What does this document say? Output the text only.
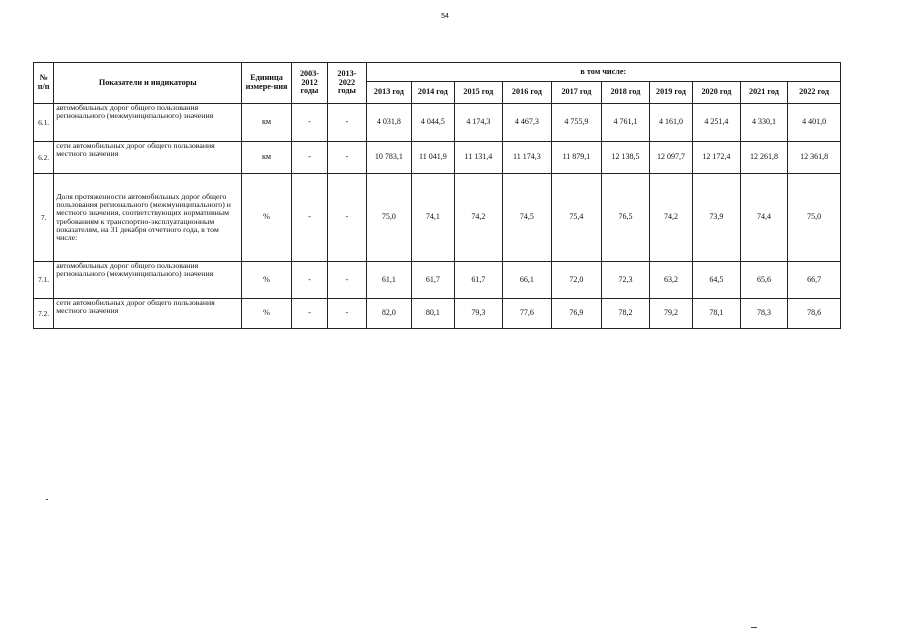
54
№ п/п	Показатели и индикаторы	Единица измере-ния	2003-2012 годы	2013-2022 годы	в том числе:									
					2013 год	2014 год	2015 год	2016 год	2017 год	2018 год	2019 год	2020 год	2021 год	2022 год
6.1.	автомобильных дорог общего пользования регионального (межмуниципального) значения	км	-	-	4 031,8	4 044,5	4 174,3	4 467,3	4 755,9	4 761,1	4 161,0	4 251,4	4 330,1	4 401,0
6.2.	сети автомобильных дорог общего пользования местного значения	км	-	-	10 783,1	11 041,9	11 131,4	11 174,3	11 879,1	12 138,5	12 097,7	12 172,4	12 261,8	12 361,8
7.	Доля протяженности автомобильных дорог общего пользования регионального (межмуниципального) и местного значения, соответствующих нормативным требованиям к транспортно-эксплуатационным показателям, на 31 декабря отчетного года, в том числе:	%	-	-	75,0	74,1	74,2	74,5	75,4	76,5	74,2	73,9	74,4	75,0
7.1.	автомобильных дорог общего пользования регионального (межмуниципального) значения	%	-	-	61,1	61,7	61,7	66,1	72,0	72,3	63,2	64,5	65,6	66,7
7.2.	сети автомобильных дорог общего пользования местного значения	%	-	-	82,0	80,1	79,3	77,6	76,9	78,2	79,2	78,1	78,3	78,6
